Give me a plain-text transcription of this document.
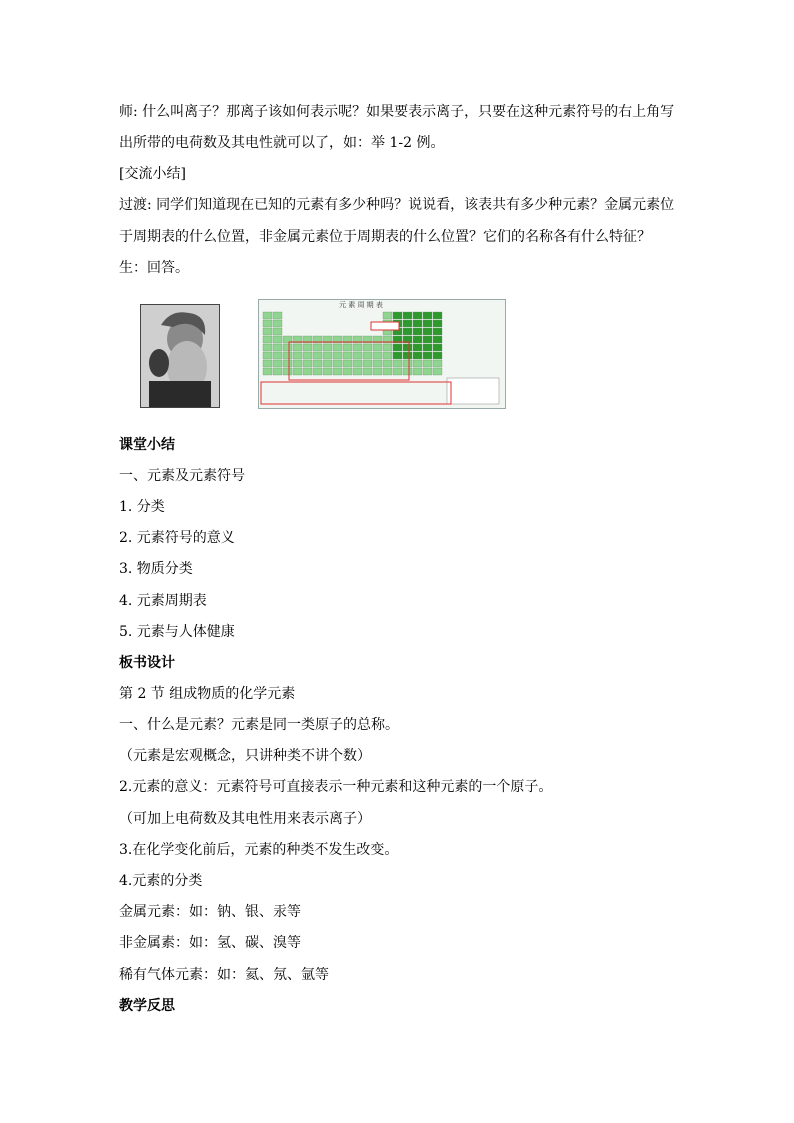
师: 什么叫离子？那离子该如何表示呢？如果要表示离子，只要在这种元素符号的右上角写
出所带的电荷数及其电性就可以了，如：举 1-2 例。
[交流小结]
过渡: 同学们知道现在已知的元素有多少种吗？说说看，该表共有多少种元素？金属元素位
于周期表的什么位置，非金属元素位于周期表的什么位置？它们的名称各有什么特征？
生：回答。
元 素 周 期 表
课堂小结
一、元素及元素符号
1. 分类
2. 元素符号的意义
3. 物质分类
4. 元素周期表
5. 元素与人体健康
板书设计
第 2 节 组成物质的化学元素
一、什么是元素？元素是同一类原子的总称。
（元素是宏观概念，只讲种类不讲个数）
2.元素的意义：元素符号可直接表示一种元素和这种元素的一个原子。
（可加上电荷数及其电性用来表示离子）
3.在化学变化前后，元素的种类不发生改变。
4.元素的分类
金属元素：如：钠、银、汞等
非金属素：如：氢、碳、溴等
稀有气体元素：如：氦、氖、氩等
教学反思
